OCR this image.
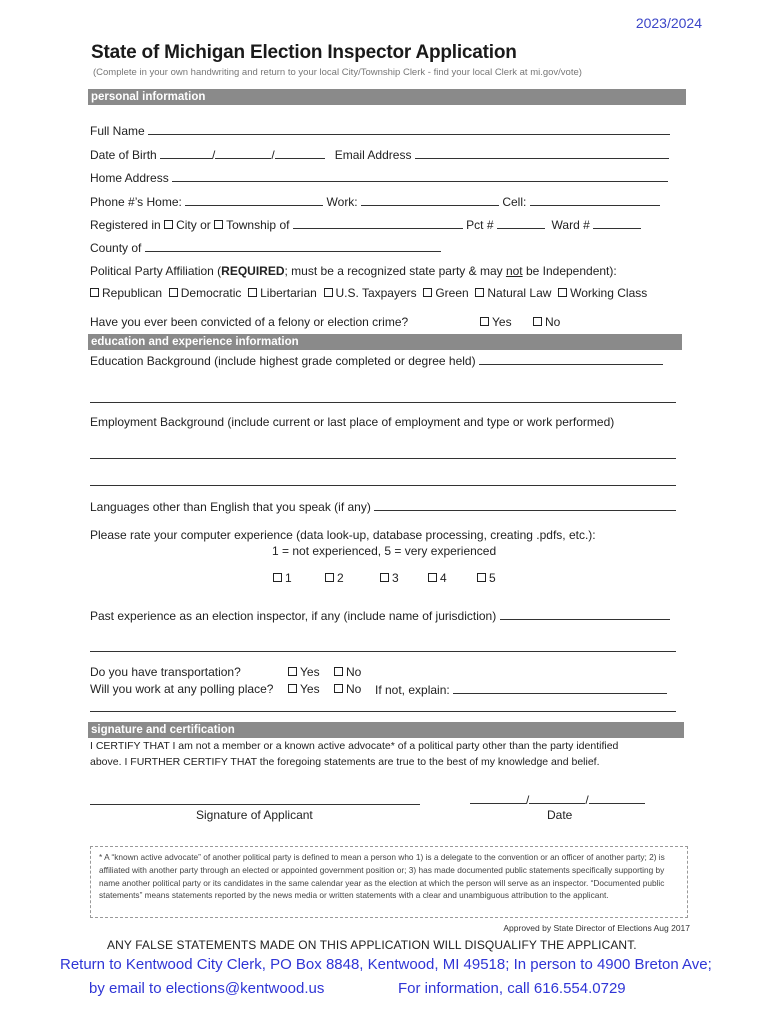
2023/2024
State of Michigan Election Inspector Application
(Complete in your own handwriting and return to your local City/Township Clerk - find your local Clerk at mi.gov/vote)
personal information
Full Name
Date of Birth	/	/	Email Address
Home Address
Phone #’s Home:	Work:	Cell:
Registered in City or Township of	Pct #	Ward #
County of
Political Party Affiliation (REQUIRED; must be a recognized state party & may not be Independent):
Republican Democratic Libertarian U.S. Taxpayers Green Natural Law Working Class
Have you ever been convicted of a felony or election crime?	Yes	No
education and experience information
Education Background (include highest grade completed or degree held)
Employment Background (include current or last place of employment and type or work performed)
Languages other than English that you speak (if any)
Please rate your computer experience (data look-up, database processing, creating .pdfs, etc.):
1 = not experienced, 5 = very experienced
1	2	3	4	5
Past experience as an election inspector, if any (include name of jurisdiction)
Do you have transportation?	Yes	No
Will you work at any polling place?	Yes	No If not, explain:
signature and certification
I CERTIFY THAT I am not a member or a known active advocate* of a political party other than the party identified
above. I FURTHER CERTIFY THAT the foregoing statements are true to the best of my knowledge and belief.
Signature of Applicant
/	/
Date
* A “known active advocate” of another political party is defined to mean a person who 1) is a delegate to the convention or an officer of another party; 2) is affiliated with another party through an elected or appointed government position or; 3) has made documented public statements specifically supporting by name another political party or its candidates in the same calendar year as the election at which the person will serve as an inspector. “Documented public statements” means statements reported by the news media or written statements with a clear and unambiguous attribution to the applicant.
Approved by State Director of Elections Aug 2017
ANY FALSE STATEMENTS MADE ON THIS APPLICATION WILL DISQUALIFY THE APPLICANT.
Return to Kentwood City Clerk, PO Box 8848, Kentwood, MI 49518; In person to 4900 Breton Ave;
by email to elections@kentwood.us	For information, call 616.554.0729
